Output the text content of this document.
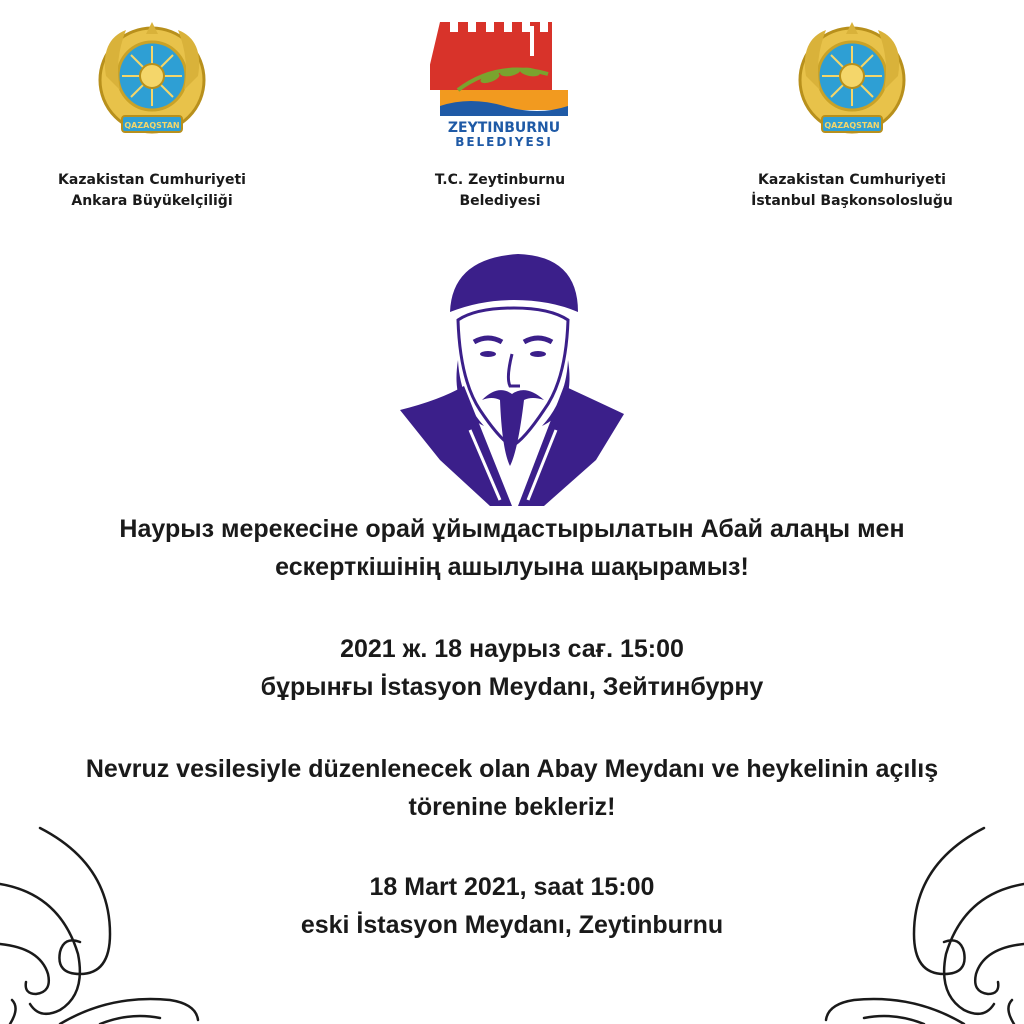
QAZAQSTAN	ZEYTINBURNU
BELEDIYESI
QAZAQSTAN
Kazakistan Cumhuriyeti
Ankara Büyükelçiliği
T.C. Zeytinburnu
Belediyesi
Kazakistan Cumhuriyeti
İstanbul Başkonsolosluğu
Наурыз мерекесіне орай ұйымдастырылатын Абай алаңы мен
ескерткішінің ашылуына шақырамыз!
2021 ж. 18 наурыз сағ. 15:00
бұрынғы İstasyon Meydanı, Зейтинбурну
Nevruz vesilesiyle düzenlenecek olan Abay Meydanı ve heykelinin açılış
törenine bekleriz!
18 Mart 2021, saat 15:00
eski İstasyon Meydanı, Zeytinburnu
